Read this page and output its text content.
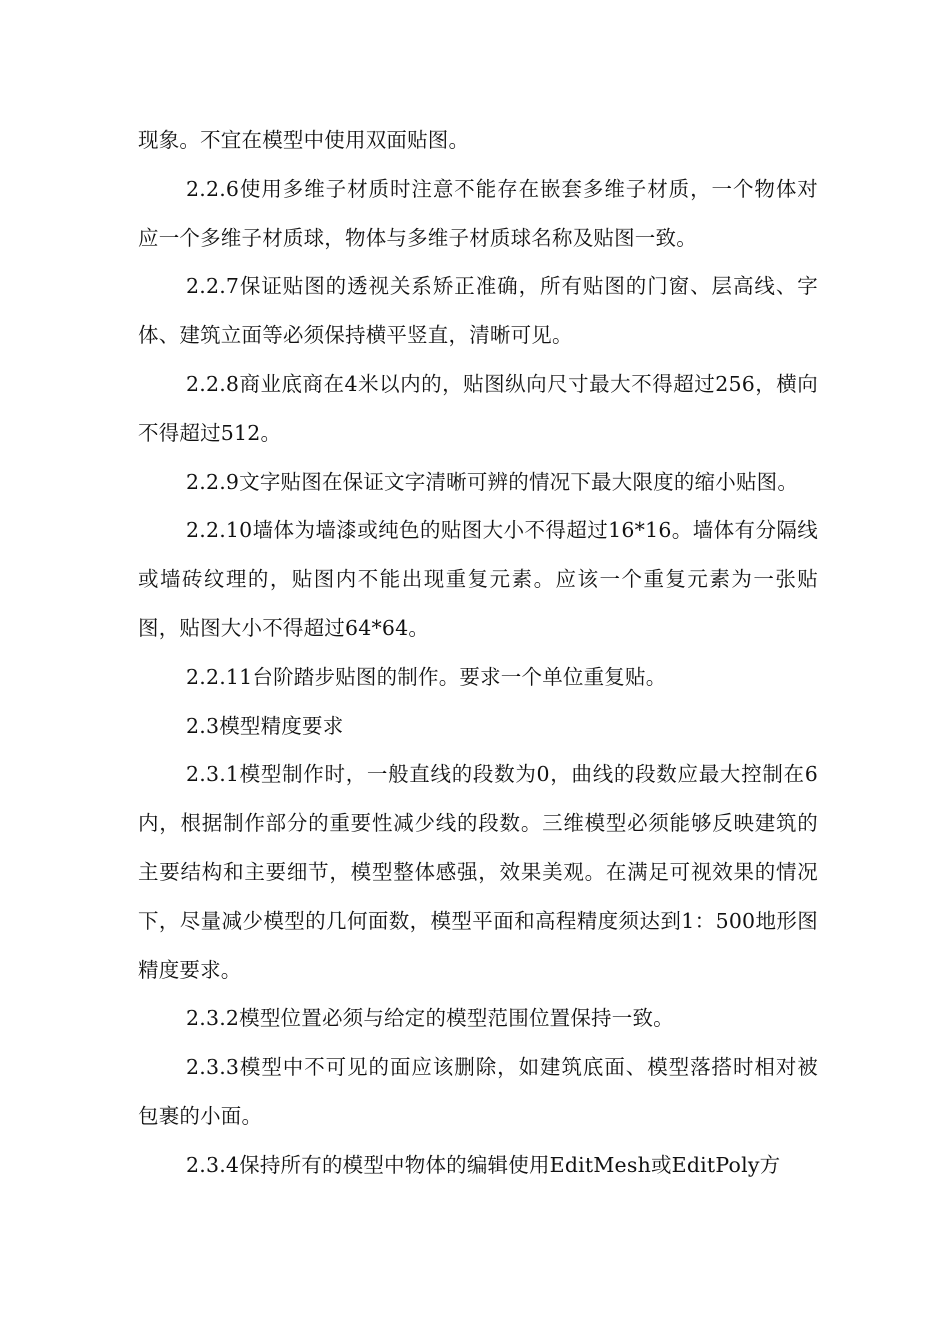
现象。不宜在模型中使用双面贴图。

2.2.6使用多维子材质时注意不能存在嵌套多维子材质，一个物体对应一个多维子材质球，物体与多维子材质球名称及贴图一致。

2.2.7保证贴图的透视关系矫正准确，所有贴图的门窗、层高线、字体、建筑立面等必须保持横平竖直，清晰可见。

2.2.8商业底商在4米以内的，贴图纵向尺寸最大不得超过256，横向不得超过512。

2.2.9文字贴图在保证文字清晰可辨的情况下最大限度的缩小贴图。

2.2.10墙体为墙漆或纯色的贴图大小不得超过16*16。墙体有分隔线或墙砖纹理的，贴图内不能出现重复元素。应该一个重复元素为一张贴图，贴图大小不得超过64*64。

2.2.11台阶踏步贴图的制作。要求一个单位重复贴。

2.3模型精度要求

2.3.1模型制作时，一般直线的段数为0，曲线的段数应最大控制在6内，根据制作部分的重要性减少线的段数。三维模型必须能够反映建筑的主要结构和主要细节，模型整体感强，效果美观。在满足可视效果的情况下，尽量减少模型的几何面数，模型平面和高程精度须达到1：500地形图精度要求。

2.3.2模型位置必须与给定的模型范围位置保持一致。

2.3.3模型中不可见的面应该删除，如建筑底面、模型落搭时相对被包裹的小面。

2.3.4保持所有的模型中物体的编辑使用EditMesh或EditPoly方
